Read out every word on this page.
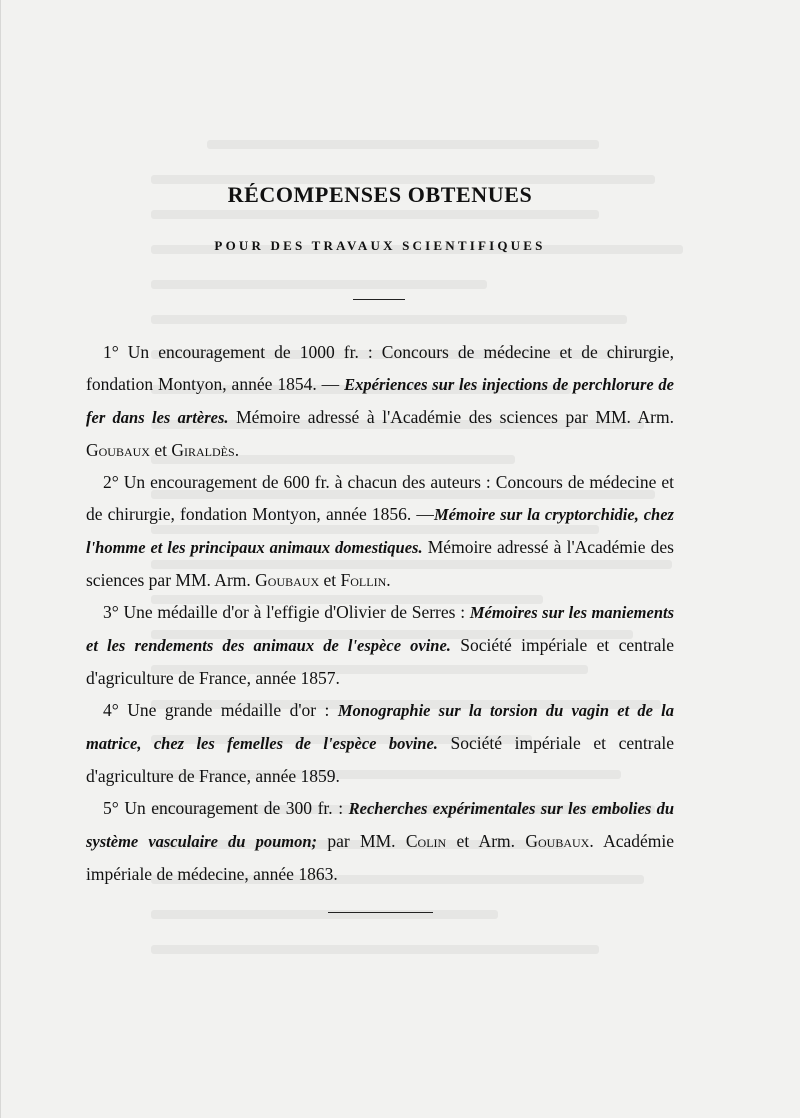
RÉCOMPENSES OBTENUES
POUR DES TRAVAUX SCIENTIFIQUES

1° Un encouragement de 1000 fr. : Concours de médecine et de chirurgie, fondation Montyon, année 1854. — Expériences sur les injections de perchlorure de fer dans les artères. Mémoire adressé à l'Académie des sciences par MM. Arm. Goubaux et Giraldès.

2° Un encouragement de 600 fr. à chacun des auteurs : Concours de médecine et de chirurgie, fondation Montyon, année 1856. —Mémoire sur la cryptorchidie, chez l'homme et les principaux animaux domestiques. Mémoire adressé à l'Académie des sciences par MM. Arm. Goubaux et Follin.

3° Une médaille d'or à l'effigie d'Olivier de Serres : Mémoires sur les maniements et les rendements des animaux de l'espèce ovine. Société impériale et centrale d'agriculture de France, année 1857.

4° Une grande médaille d'or : Monographie sur la torsion du vagin et de la matrice, chez les femelles de l'espèce bovine. Société impériale et centrale d'agriculture de France, année 1859.

5° Un encouragement de 300 fr. : Recherches expérimentales sur les embolies du système vasculaire du poumon; par MM. Colin et Arm. Goubaux. Académie impériale de médecine, année 1863.
